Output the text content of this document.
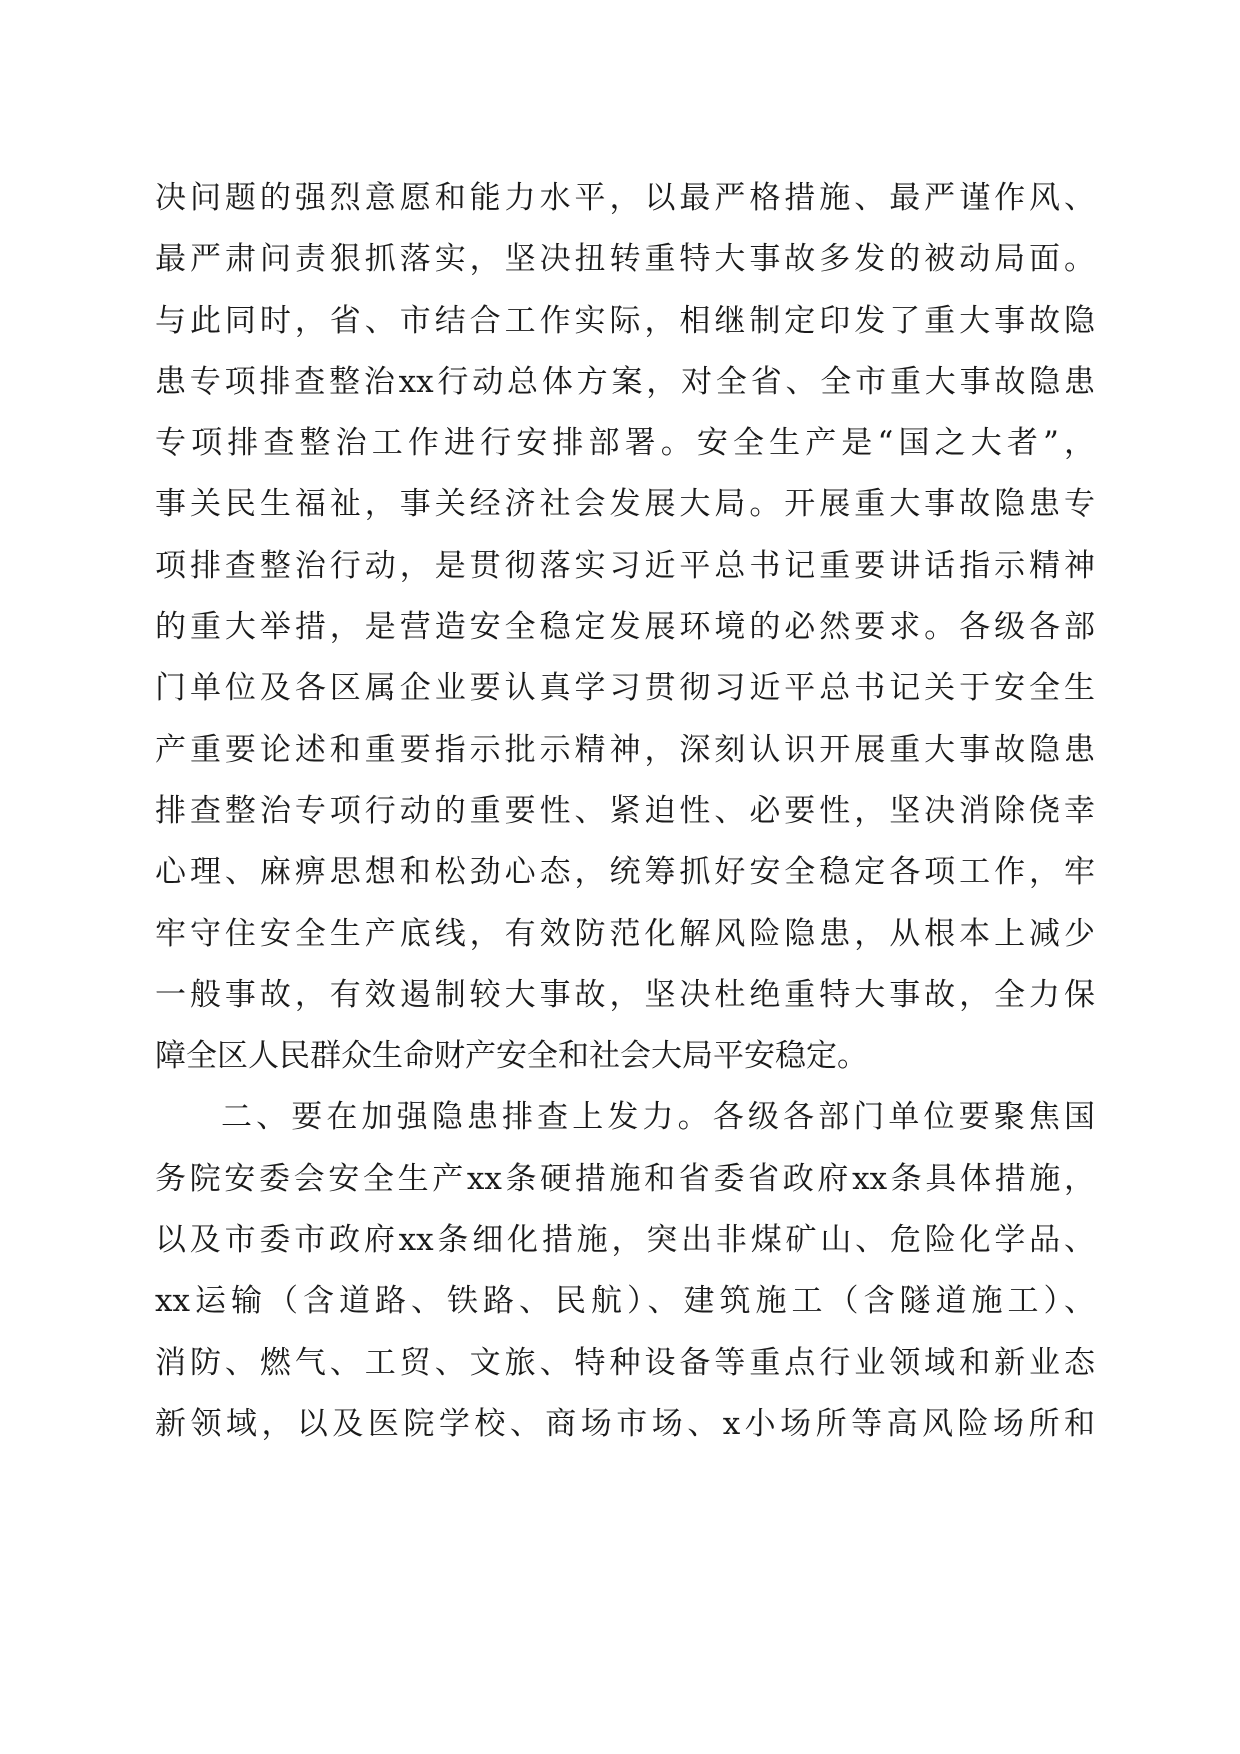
决问题的强烈意愿和能力水平，以最严格措施、最严谨作风、
最严肃问责狠抓落实，坚决扭转重特大事故多发的被动局面。
与此同时，省、市结合工作实际，相继制定印发了重大事故隐
患专项排查整治xx行动总体方案，对全省、全市重大事故隐患
专项排查整治工作进行安排部署。安全生产是“国之大者”，
事关民生福祉，事关经济社会发展大局。开展重大事故隐患专
项排查整治行动，是贯彻落实习近平总书记重要讲话指示精神
的重大举措，是营造安全稳定发展环境的必然要求。各级各部
门单位及各区属企业要认真学习贯彻习近平总书记关于安全生
产重要论述和重要指示批示精神，深刻认识开展重大事故隐患
排查整治专项行动的重要性、紧迫性、必要性，坚决消除侥幸
心理、麻痹思想和松劲心态，统筹抓好安全稳定各项工作，牢
牢守住安全生产底线，有效防范化解风险隐患，从根本上减少
一般事故，有效遏制较大事故，坚决杜绝重特大事故，全力保
障全区人民群众生命财产安全和社会大局平安稳定。
二、要在加强隐患排查上发力。各级各部门单位要聚焦国
务院安委会安全生产xx条硬措施和省委省政府xx条具体措施，
以及市委市政府xx条细化措施，突出非煤矿山、危险化学品、
xx运输（含道路、铁路、民航）、建筑施工（含隧道施工）、
消防、燃气、工贸、文旅、特种设备等重点行业领域和新业态
新领域，以及医院学校、商场市场、x小场所等高风险场所和
